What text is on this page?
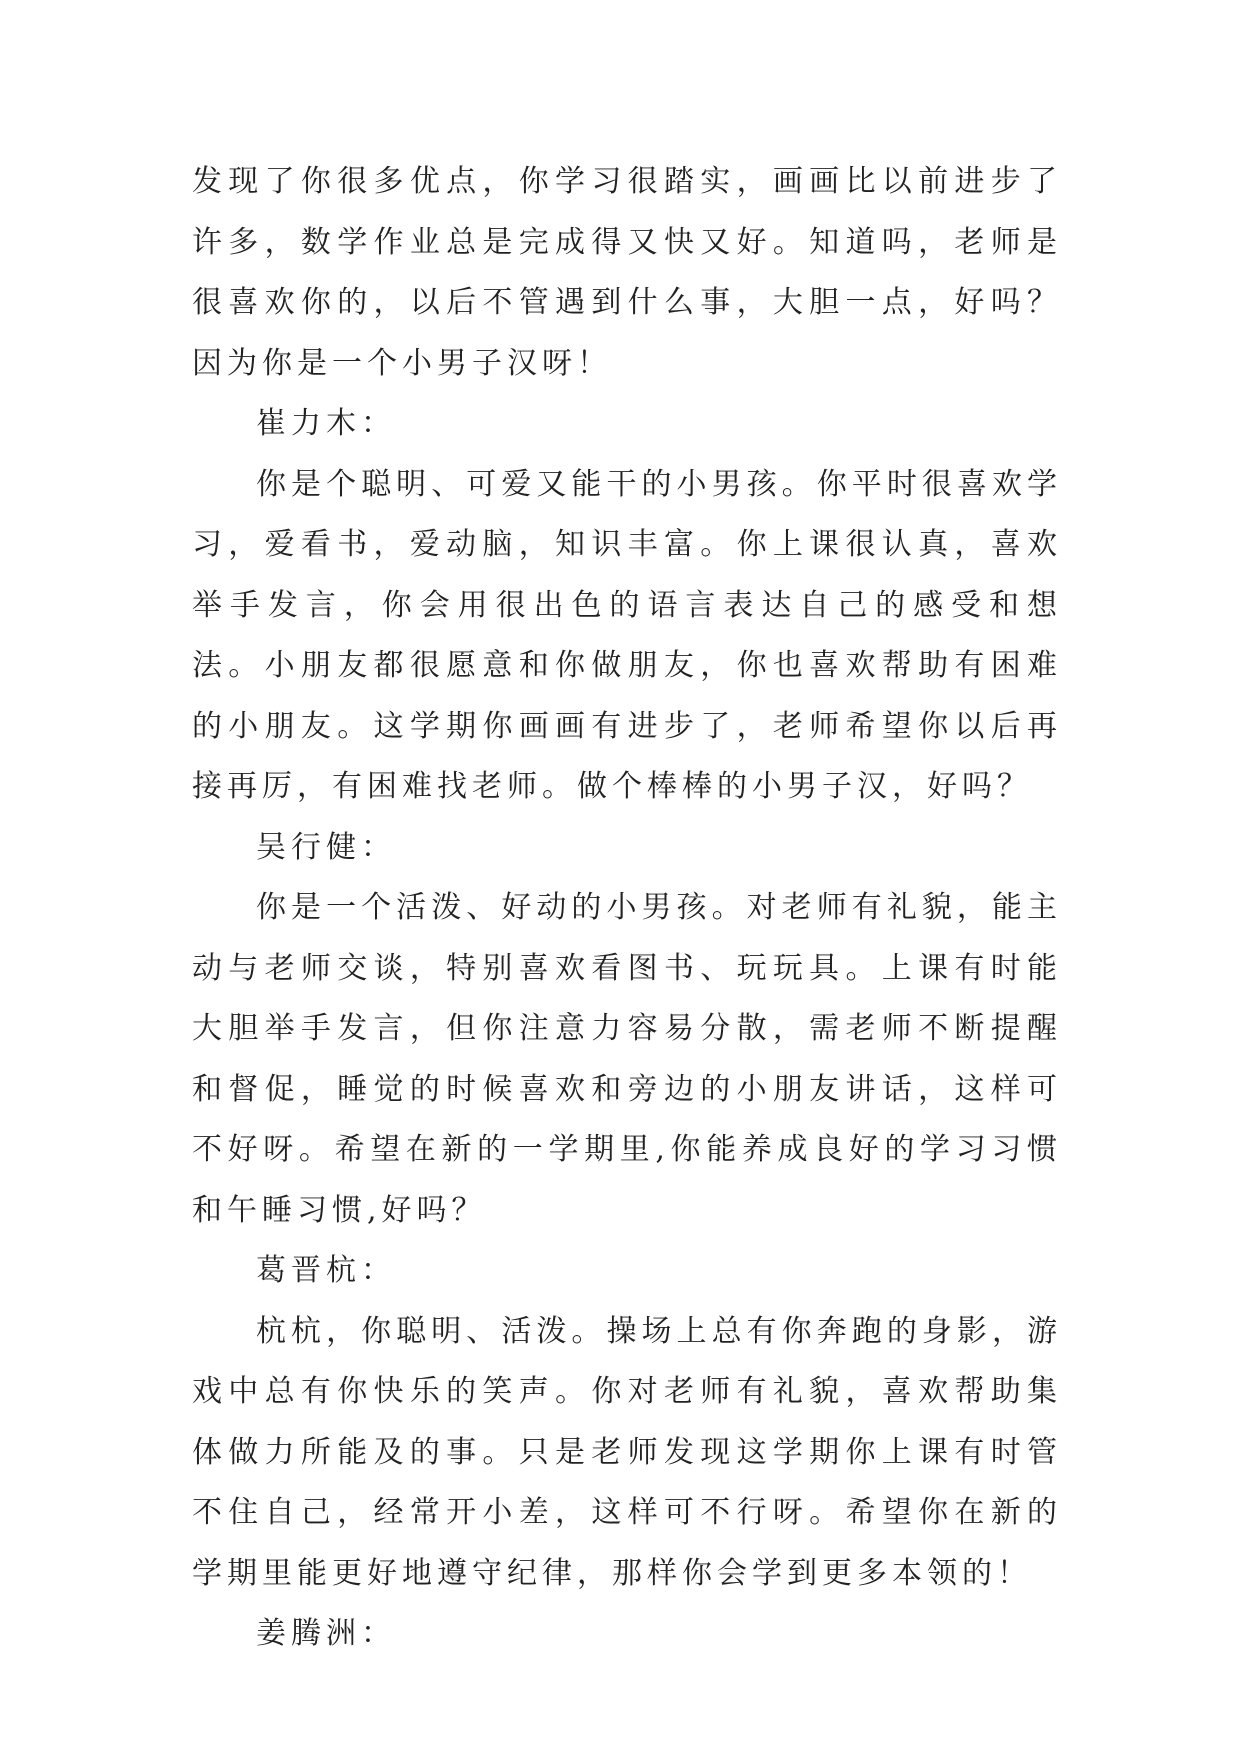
发现了你很多优点，你学习很踏实，画画比以前进步了许多，数学作业总是完成得又快又好。知道吗，老师是很喜欢你的，以后不管遇到什么事，大胆一点，好吗？因为你是一个小男子汉呀！

崔力木：

你是个聪明、可爱又能干的小男孩。你平时很喜欢学习，爱看书，爱动脑，知识丰富。你上课很认真，喜欢举手发言，你会用很出色的语言表达自己的感受和想法。小朋友都很愿意和你做朋友，你也喜欢帮助有困难的小朋友。这学期你画画有进步了，老师希望你以后再接再厉，有困难找老师。做个棒棒的小男子汉，好吗？

吴行健：

你是一个活泼、好动的小男孩。对老师有礼貌，能主动与老师交谈，特别喜欢看图书、玩玩具。上课有时能大胆举手发言，但你注意力容易分散，需老师不断提醒和督促，睡觉的时候喜欢和旁边的小朋友讲话，这样可不好呀。希望在新的一学期里,你能养成良好的学习习惯和午睡习惯,好吗？

葛晋杭：

杭杭，你聪明、活泼。操场上总有你奔跑的身影，游戏中总有你快乐的笑声。你对老师有礼貌，喜欢帮助集体做力所能及的事。只是老师发现这学期你上课有时管不住自己，经常开小差，这样可不行呀。希望你在新的学期里能更好地遵守纪律，那样你会学到更多本领的！

姜腾洲：
